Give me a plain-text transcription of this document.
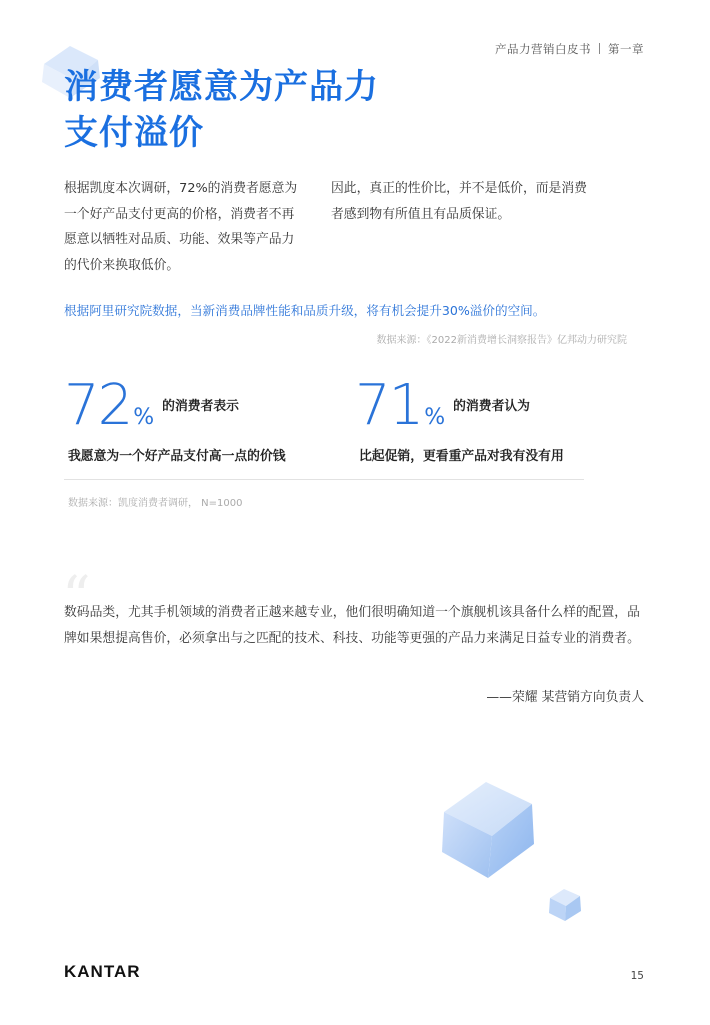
产品力营销白皮书 第一章
消费者愿意为产品力
支付溢价
根据凯度本次调研，72%的消费者愿意为一个好产品支付更高的价格，消费者不再愿意以牺牲对品质、功能、效果等产品力的代价来换取低价。
因此，真正的性价比，并不是低价，而是消费者感到物有所值且有品质保证。
根据阿里研究院数据，当新消费品牌性能和品质升级，将有机会提升30%溢价的空间。
数据来源：《2022新消费增长洞察报告》亿邦动力研究院
72% $^{的消费者表示}$
我愿意为一个好产品支付高一点的价钱
71% $^{的消费者认为}$
比起促销，更看重产品对我有没有用
数据来源：凯度消费者调研， N=1000
“
数码品类，尤其手机领域的消费者正越来越专业，他们很明确知道一个旗舰机该具备什么样的配置，品牌如果想提高售价，必须拿出与之匹配的技术、科技、功能等更强的产品力来满足日益专业的消费者。
——荣耀 某营销方向负责人
KANTAR	15
